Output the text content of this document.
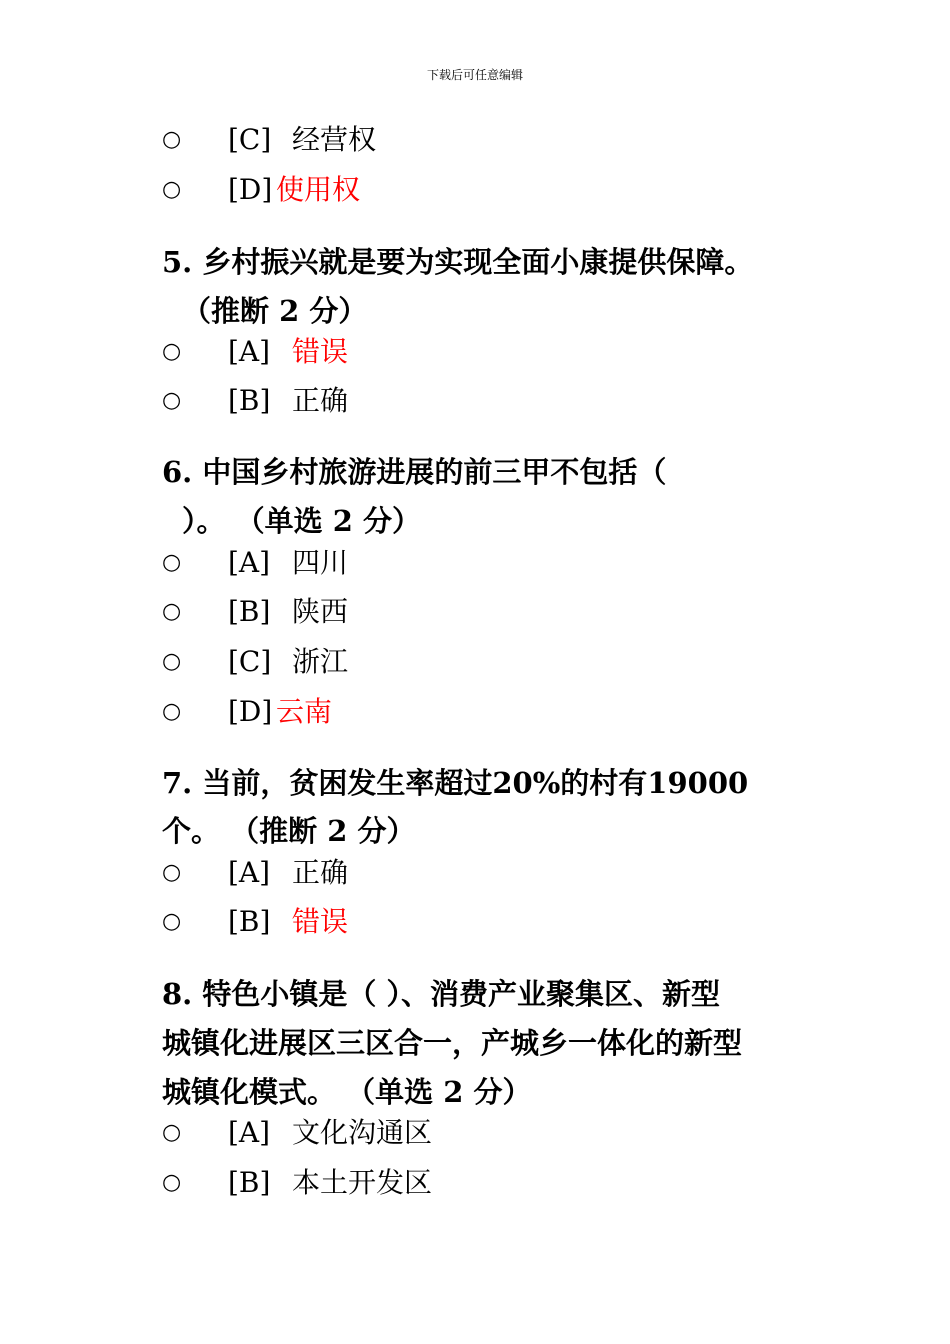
下载后可任意编辑
○ [C] 经营权
○ [D] 使用权
5. 乡村振兴就是要为实现全面小康提供保障。
（推断 2 分）
○ [A] 错误
○ [B] 正确
6. 中国乡村旅游进展的前三甲不包括（
）。 （单选 2 分）
○ [A] 四川
○ [B] 陕西
○ [C] 浙江
○ [D] 云南
7. 当前，贫困发生率超过20%的村有19000
个。 （推断 2 分）
○ [A] 正确
○ [B] 错误
8. 特色小镇是（ ）、消费产业聚集区、新型
城镇化进展区三区合一，产城乡一体化的新型
城镇化模式。 （单选 2 分）
○ [A] 文化沟通区
○ [B] 本土开发区
